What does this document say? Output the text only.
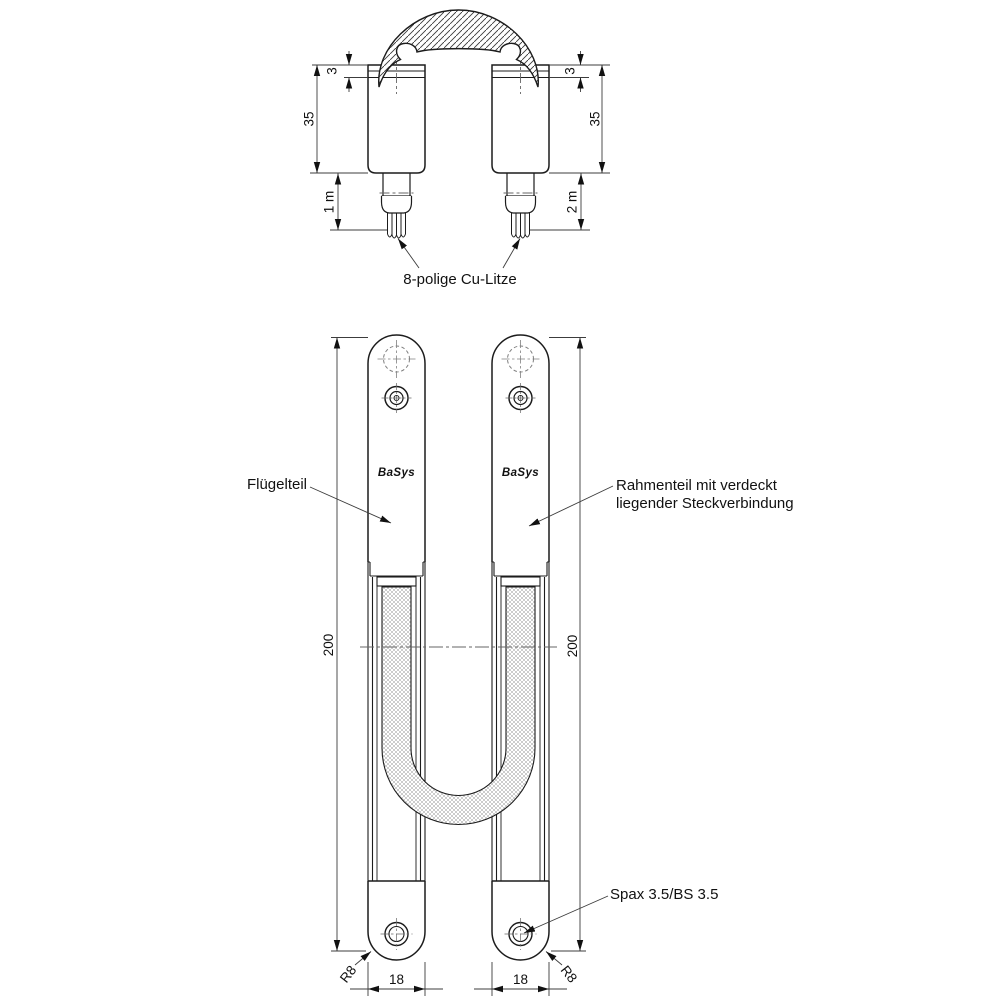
3	3
35	35
1 m	2 m
8-polige Cu-Litze
BaSys	BaSys
200	200
18	18
R8	R8
Flügelteil	Rahmenteil mit verdeckt
liegender Steckverbindung
Spax 3.5/BS 3.5
